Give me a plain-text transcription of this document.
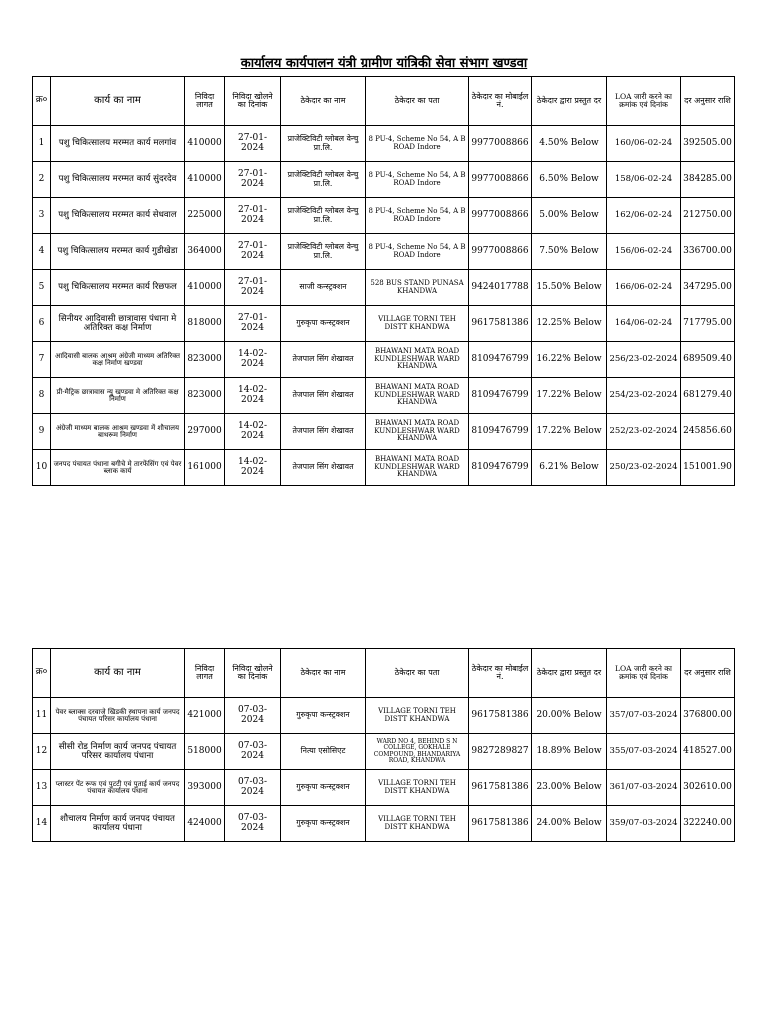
कार्यालय कार्यपालन यंत्री ग्रामीण यांत्रिकी सेवा संभाग खण्डवा
क्र०	कार्य का नाम	निविदा लागत	निविदा खोलने का दिनांक	ठेकेदार का नाम	ठेकेदार का पता	ठेकेदार का मोबाईल नं.	ठेकेदार द्वारा प्रस्तुत दर	LOA जारी करने का क्रमांक एवं दिनांक	दर अनुसार राशि
1	पशु चिकित्सालय मरम्मत कार्य मलगांव	410000	27-01-2024	प्राजेक्टिविटी ग्लोबल वेन्चु प्रा.लि.	8 PU-4, Scheme No 54, A B ROAD Indore	9977008866	4.50% Below	160/06-02-24	392505.00
2	पशु चिकित्सालय मरम्मत कार्य सुंदरदेव	410000	27-01-2024	प्राजेक्टिविटी ग्लोबल वेन्चु प्रा.लि.	8 PU-4, Scheme No 54, A B ROAD Indore	9977008866	6.50% Below	158/06-02-24	384285.00
3	पशु चिकित्सालय मरम्मत कार्य सेधवाल	225000	27-01-2024	प्राजेक्टिविटी ग्लोबल वेन्चु प्रा.लि.	8 PU-4, Scheme No 54, A B ROAD Indore	9977008866	5.00% Below	162/06-02-24	212750.00
4	पशु चिकित्सालय मरम्मत कार्य गुडीखेडा	364000	27-01-2024	प्राजेक्टिविटी ग्लोबल वेन्चु प्रा.लि.	8 PU-4, Scheme No 54, A B ROAD Indore	9977008866	7.50% Below	156/06-02-24	336700.00
5	पशु चिकित्सालय मरम्मत कार्य रिछफल	410000	27-01-2024	साजी कन्स्ट्रक्शन	528 BUS STAND PUNASA KHANDWA	9424017788	15.50% Below	166/06-02-24	347295.00
6	सिनीयर आदिवासी छात्रावास पंधाना मे अतिरिक्त कक्ष निर्माण	818000	27-01-2024	गुरुकृपा कन्स्ट्रक्शन	VILLAGE TORNI TEH DISTT KHANDWA	9617581386	12.25% Below	164/06-02-24	717795.00
7	आदिवासी बालक आश्रम अंग्रेजी माध्यम अतिरिक्त कक्ष निर्माण खण्डवा	823000	14-02-2024	तेजपाल सिंग शेखावत	BHAWANI MATA ROAD KUNDLESHWAR WARD KHANDWA	8109476799	16.22% Below	256/23-02-2024	689509.40
8	प्री-मैट्रिक छात्रावास न्यु खण्डवा मे अतिरिक्त कक्ष निर्माण	823000	14-02-2024	तेजपाल सिंग शेखावत	BHAWANI MATA ROAD KUNDLESHWAR WARD KHANDWA	8109476799	17.22% Below	254/23-02-2024	681279.40
9	अंग्रेजी माध्यम बालक आश्रम खण्डवा में शौचालय बाथरूम निर्माण	297000	14-02-2024	तेजपाल सिंग शेखावत	BHAWANI MATA ROAD KUNDLESHWAR WARD KHANDWA	8109476799	17.22% Below	252/23-02-2024	245856.60
10	जनपद पंचायत पंधाना बगीचे मे तारफेंसिंग एवं पेवर ब्लाक कार्य	161000	14-02-2024	तेजपाल सिंग शेखावत	BHAWANI MATA ROAD KUNDLESHWAR WARD KHANDWA	8109476799	6.21% Below	250/23-02-2024	151001.90
क्र०	कार्य का नाम	निविदा लागत	निविदा खोलने का दिनांक	ठेकेदार का नाम	ठेकेदार का पता	ठेकेदार का मोबाईल नं.	ठेकेदार द्वारा प्रस्तुत दर	LOA जारी करने का क्रमांक एवं दिनांक	दर अनुसार राशि
11	पेवर ब्लाक्स दरवाजे खिडकी स्थापना कार्य जनपद पंचायत परिसर कार्यालय पंधाना	421000	07-03-2024	गुरुकृपा कन्स्ट्रक्शन	VILLAGE TORNI TEH DISTT KHANDWA	9617581386	20.00% Below	357/07-03-2024	376800.00
12	सीसी रोड निर्माण कार्य जनपद पंचायत परिसर कार्यालय पंधाना	518000	07-03-2024	नित्या एसोसिएट	WARD NO 4, BEHIND S N COLLEGE, GOKHALE COMPOUND, BHANDARIYA ROAD, KHANDWA	9827289827	18.89% Below	355/07-03-2024	418527.00
13	प्लास्टर पेंट रूफ एवं पुटटी एवं पुताई कार्य जनपद पंचायत कार्यालय पंधाना	393000	07-03-2024	गुरुकृपा कन्स्ट्रक्शन	VILLAGE TORNI TEH DISTT KHANDWA	9617581386	23.00% Below	361/07-03-2024	302610.00
14	शौचालय निर्माण कार्य जनपद पंचायत कार्यालय पंधाना	424000	07-03-2024	गुरुकृपा कन्स्ट्रक्शन	VILLAGE TORNI TEH DISTT KHANDWA	9617581386	24.00% Below	359/07-03-2024	322240.00
